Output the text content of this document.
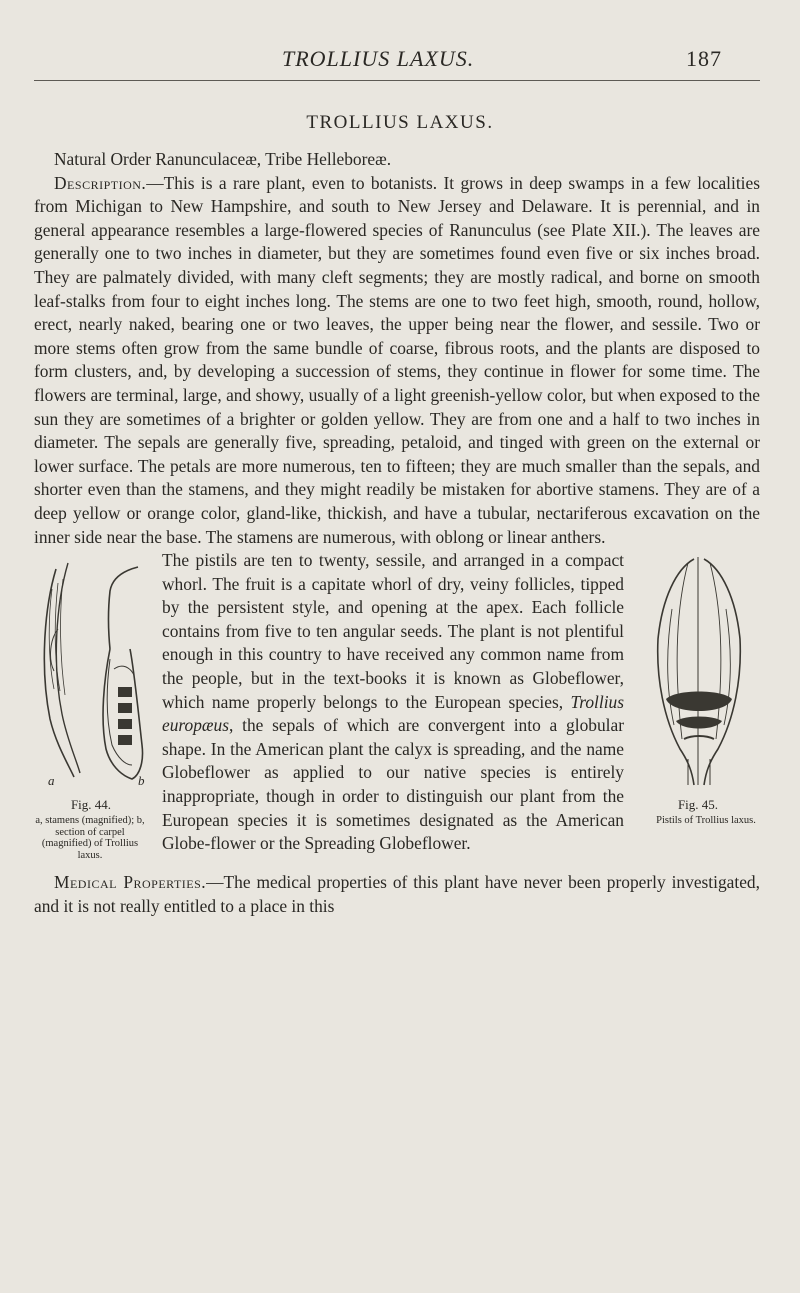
TROLLIUS LAXUS.	187
TROLLIUS LAXUS.

Natural Order Ranunculaceæ, Tribe Helleboreæ.

Description.—This is a rare plant, even to botanists. It grows in deep swamps in a few localities from Michigan to New Hampshire, and south to New Jersey and Delaware. It is perennial, and in general appearance resembles a large-flowered species of Ranunculus (see Plate XII.). The leaves are generally one to two inches in diameter, but they are sometimes found even five or six inches broad. They are palmately divided, with many cleft segments; they are mostly radical, and borne on smooth leaf-stalks from four to eight inches long. The stems are one to two feet high, smooth, round, hollow, erect, nearly naked, bearing one or two leaves, the upper being near the flower, and sessile. Two or more stems often grow from the same bundle of coarse, fibrous roots, and the plants are disposed to form clusters, and, by developing a succession of stems, they continue in flower for some time. The flowers are terminal, large, and showy, usually of a light greenish-yellow color, but when exposed to the sun they are sometimes of a brighter or golden yellow. They are from one and a half to two inches in diameter. The sepals are generally five, spreading, petaloid, and tinged with green on the external or lower surface. The petals are more numerous, ten to fifteen; they are much smaller than the sepals, and shorter even than the stamens, and they might readily be mistaken for abortive stamens. They are of a deep yellow or orange color, gland-like, thickish, and have a tubular, nectariferous excavation on the inner side near the base. The stamens are numerous, with oblong or linear anthers.

a	b
Fig. 44.
a, stamens (magnified); b, section of carpel (magnified) of Trollius laxus.
Fig. 45.
Pistils of Trollius laxus.

The pistils are ten to twenty, sessile, and arranged in a compact whorl. The fruit is a capitate whorl of dry, veiny follicles, tipped by the persistent style, and opening at the apex. Each follicle contains from five to ten angular seeds. The plant is not plentiful enough in this country to have received any common name from the people, but in the text-books it is known as Globeflower, which name properly belongs to the European species, Trollius europæus, the sepals of which are convergent into a globular shape. In the American plant the calyx is spreading, and the name Globeflower as applied to our native species is entirely inappropriate, though in order to distinguish our plant from the European species it is sometimes designated as the American Globe-flower or the Spreading Globeflower.

Medical Properties.—The medical properties of this plant have never been properly investigated, and it is not really entitled to a place in this
